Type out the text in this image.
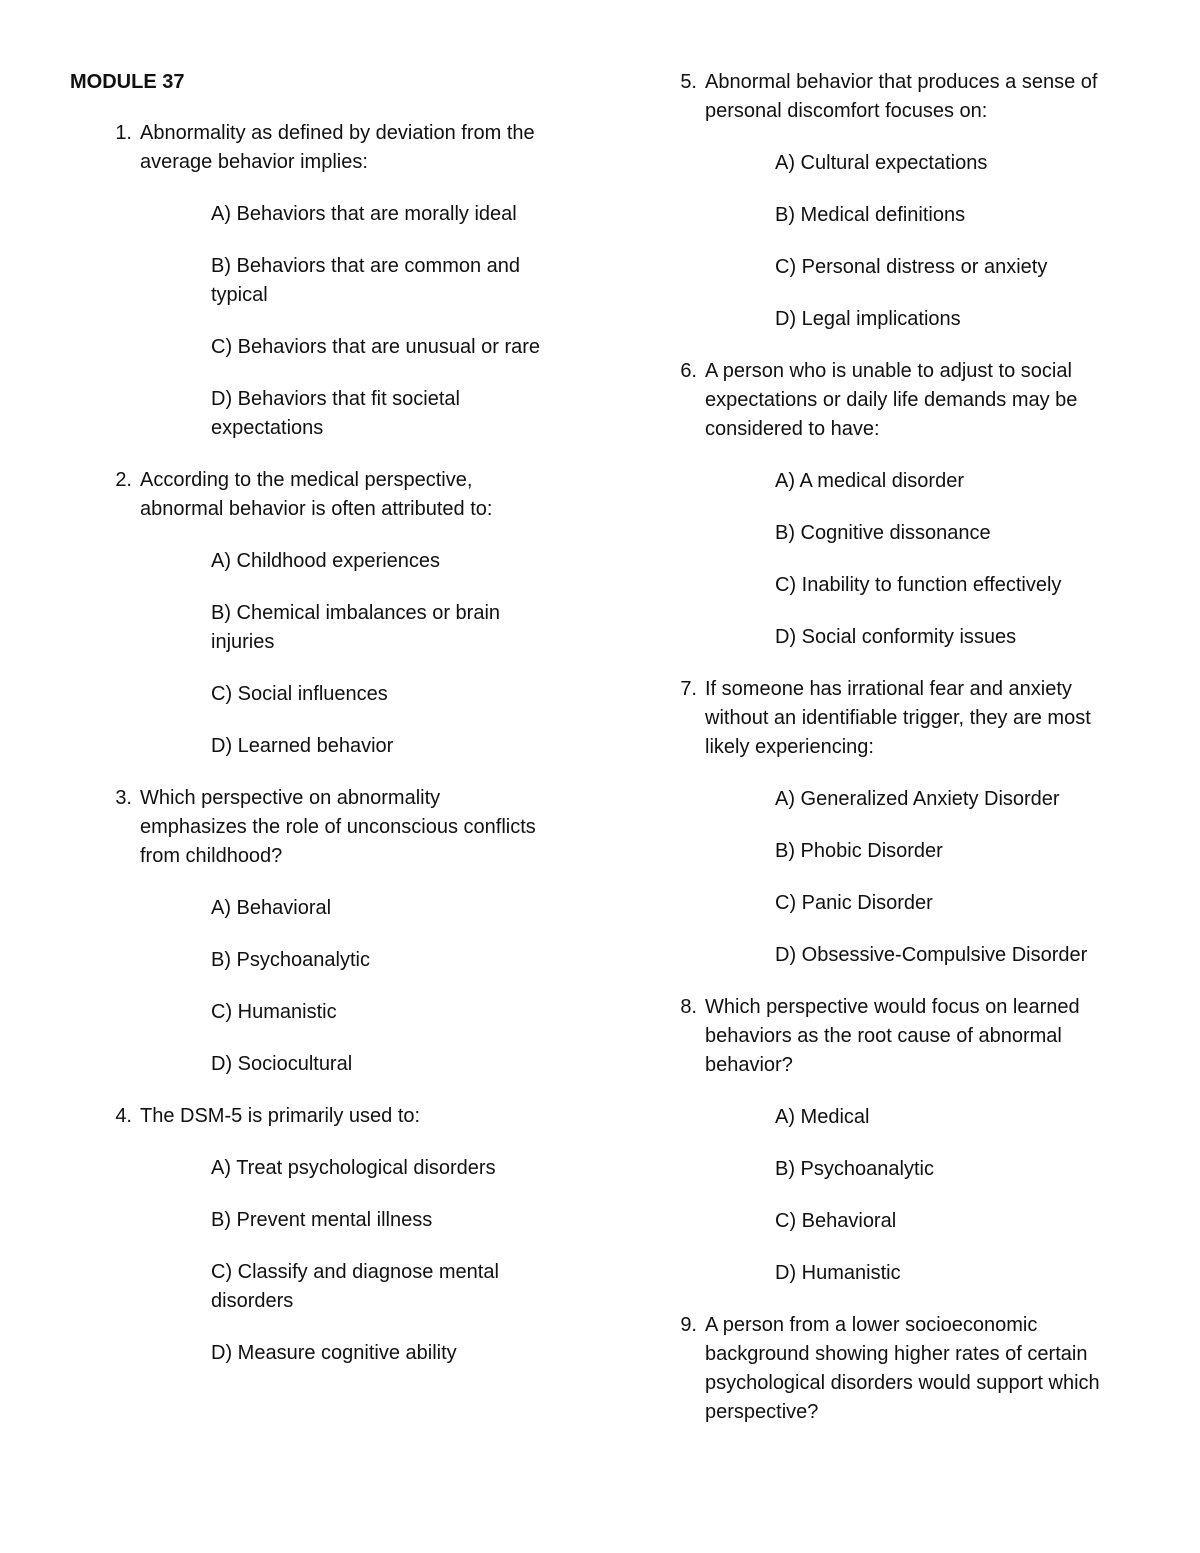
MODULE 37
1. Abnormality as defined by deviation from the average behavior implies:
A) Behaviors that are morally ideal
B) Behaviors that are common and typical
C) Behaviors that are unusual or rare
D) Behaviors that fit societal expectations
2. According to the medical perspective, abnormal behavior is often attributed to:
A) Childhood experiences
B) Chemical imbalances or brain injuries
C) Social influences
D) Learned behavior
3. Which perspective on abnormality emphasizes the role of unconscious conflicts from childhood?
A) Behavioral
B) Psychoanalytic
C) Humanistic
D) Sociocultural
4. The DSM-5 is primarily used to:
A) Treat psychological disorders
B) Prevent mental illness
C) Classify and diagnose mental disorders
D) Measure cognitive ability
5. Abnormal behavior that produces a sense of personal discomfort focuses on:
A) Cultural expectations
B) Medical definitions
C) Personal distress or anxiety
D) Legal implications
6. A person who is unable to adjust to social expectations or daily life demands may be considered to have:
A) A medical disorder
B) Cognitive dissonance
C) Inability to function effectively
D) Social conformity issues
7. If someone has irrational fear and anxiety without an identifiable trigger, they are most likely experiencing:
A) Generalized Anxiety Disorder
B) Phobic Disorder
C) Panic Disorder
D) Obsessive-Compulsive Disorder
8. Which perspective would focus on learned behaviors as the root cause of abnormal behavior?
A) Medical
B) Psychoanalytic
C) Behavioral
D) Humanistic
9. A person from a lower socioeconomic background showing higher rates of certain psychological disorders would support which perspective?
